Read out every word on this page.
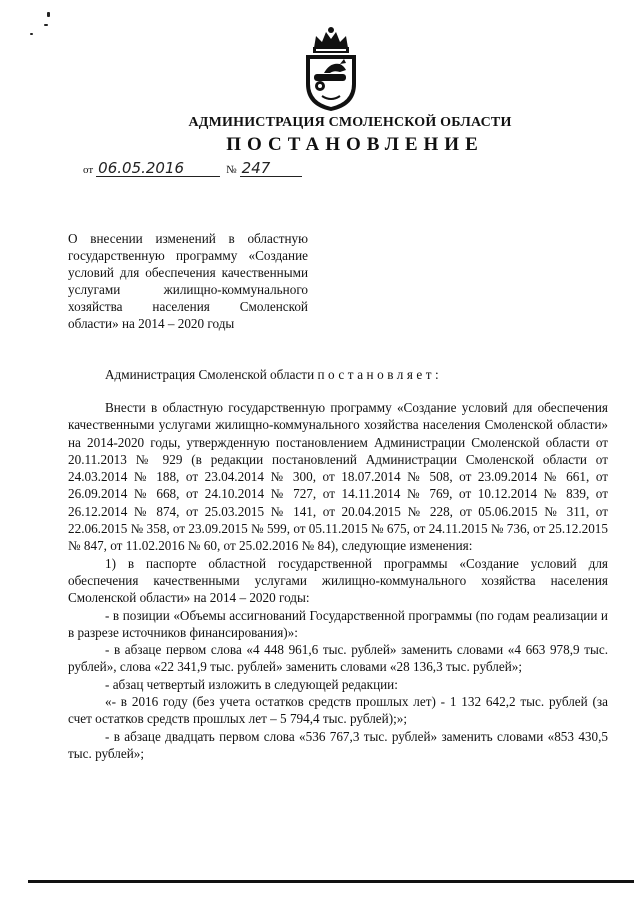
АДМИНИСТРАЦИЯ СМОЛЕНСКОЙ ОБЛАСТИ
ПОСТАНОВЛЕНИЕ
от 06.05.2016	№ 247
О внесении изменений в областную государственную программу «Создание условий для обеспечения качественными услугами жилищно-коммунального хозяйства населения Смоленской области» на 2014 – 2020 годы
Администрация Смоленской области постановляет:

Внести в областную государственную программу «Создание условий для обеспечения качественными услугами жилищно-коммунального хозяйства населения Смоленской области» на 2014-2020 годы, утвержденную постановлением Администрации Смоленской области от 20.11.2013 № 929 (в редакции постановлений Администрации Смоленской области от 24.03.2014 № 188, от 23.04.2014 № 300, от 18.07.2014 № 508, от 23.09.2014 № 661, от 26.09.2014 № 668, от 24.10.2014 № 727, от 14.11.2014 № 769, от 10.12.2014 № 839, от 26.12.2014 № 874, от 25.03.2015 № 141, от 20.04.2015 № 228, от 05.06.2015 № 311, от 22.06.2015 № 358, от 23.09.2015 № 599, от 05.11.2015 № 675, от 24.11.2015 № 736, от 25.12.2015 № 847, от 11.02.2016 № 60, от 25.02.2016 № 84), следующие изменения:

1) в паспорте областной государственной программы «Создание условий для обеспечения качественными услугами жилищно-коммунального хозяйства населения Смоленской области» на 2014 – 2020 годы:

- в позиции «Объемы ассигнований Государственной программы (по годам реализации и в разрезе источников финансирования)»:

- в абзаце первом слова «4 448 961,6 тыс. рублей» заменить словами «4 663 978,9 тыс. рублей», слова «22 341,9 тыс. рублей» заменить словами «28 136,3 тыс. рублей»;

- абзац четвертый изложить в следующей редакции:

«- в 2016 году (без учета остатков средств прошлых лет) - 1 132 642,2 тыс. рублей (за счет остатков средств прошлых лет – 5 794,4 тыс. рублей);»;

- в абзаце двадцать первом слова «536 767,3 тыс. рублей» заменить словами «853 430,5 тыс. рублей»;
